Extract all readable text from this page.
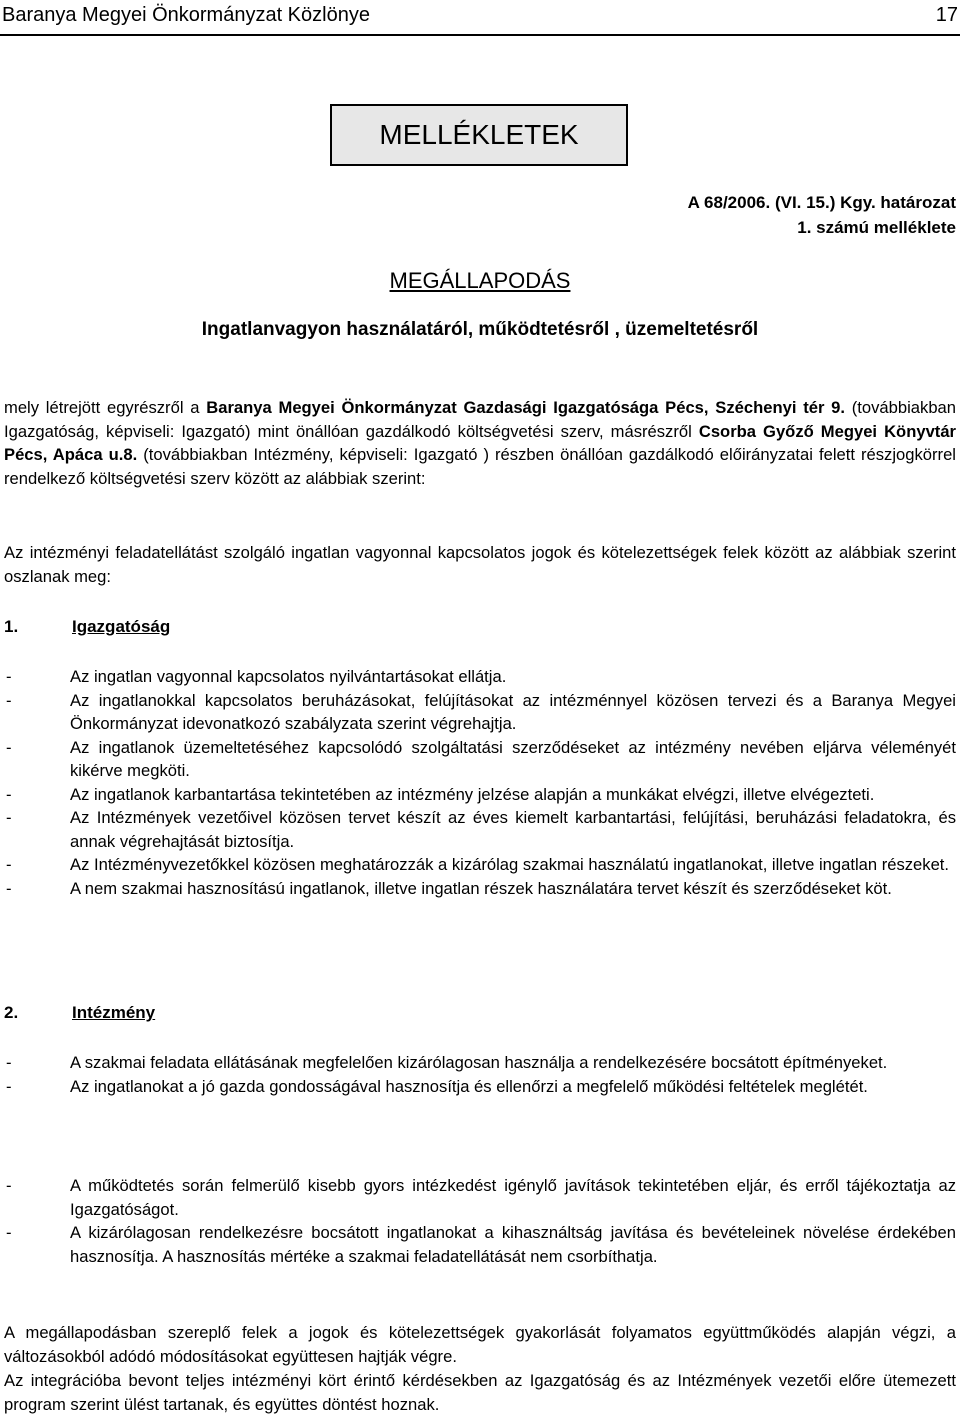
Baranya Megyei Önkormányzat Közlönye	17
MELLÉKLETEK
A 68/2006. (VI. 15.) Kgy. határozat
1. számú melléklete
MEGÁLLAPODÁS
Ingatlanvagyon használatáról, működtetésről , üzemeltetésről
mely létrejött egyrészről a Baranya Megyei Önkormányzat Gazdasági Igazgatósága Pécs, Széchenyi tér 9. (továbbiakban Igazgatóság, képviseli: Igazgató) mint önállóan gazdálkodó költségvetési szerv, másrészről Csorba Győző Megyei Könyvtár Pécs, Apáca u.8. (továbbiakban Intézmény, képviseli: Igazgató ) részben önállóan gazdálkodó előirányzatai felett részjogkörrel rendelkező költségvetési szerv között az alábbiak szerint:
Az intézményi feladatellátást szolgáló ingatlan vagyonnal kapcsolatos jogok és kötelezettségek felek között az alábbiak szerint oszlanak meg:
1.	Igazgatóság
- Az ingatlan vagyonnal kapcsolatos nyilvántartásokat ellátja.
- Az ingatlanokkal kapcsolatos beruházásokat, felújításokat az intézménnyel közösen tervezi és a Baranya Megyei Önkormányzat idevonatkozó szabályzata szerint végrehajtja.
- Az ingatlanok üzemeltetéséhez kapcsolódó szolgáltatási szerződéseket az intézmény nevében eljárva véleményét kikérve megköti.
- Az ingatlanok karbantartása tekintetében az intézmény jelzése alapján a munkákat elvégzi, illetve elvégezteti.
- Az Intézmények vezetőivel közösen tervet készít az éves kiemelt karbantartási, felújítási, beruházási feladatokra, és annak végrehajtását biztosítja.
- Az Intézményvezetőkkel közösen meghatározzák a kizárólag szakmai használatú ingatlanokat, illetve ingatlan részeket.
- A nem szakmai hasznosítású ingatlanok, illetve ingatlan részek használatára tervet készít és szerződéseket köt.
2.	Intézmény
- A szakmai feladata ellátásának megfelelően kizárólagosan használja a rendelkezésére bocsátott építményeket.
- Az ingatlanokat a jó gazda gondosságával hasznosítja és ellenőrzi a megfelelő működési feltételek meglétét.
- A működtetés során felmerülő kisebb gyors intézkedést igénylő javítások tekintetében eljár, és erről tájékoztatja az Igazgatóságot.
- A kizárólagosan rendelkezésre bocsátott ingatlanokat a kihasználtság javítása és bevételeinek növelése érdekében hasznosítja. A hasznosítás mértéke a szakmai feladatellátását nem csorbíthatja.
A megállapodásban szereplő felek a jogok és kötelezettségek gyakorlását folyamatos együttműködés alapján végzi, a változásokból adódó módosításokat együttesen hajtják végre.
Az integrációba bevont teljes intézményi kört érintő kérdésekben az Igazgatóság és az Intézmények vezetői előre ütemezett program szerint ülést tartanak, és együttes döntést hoznak.
